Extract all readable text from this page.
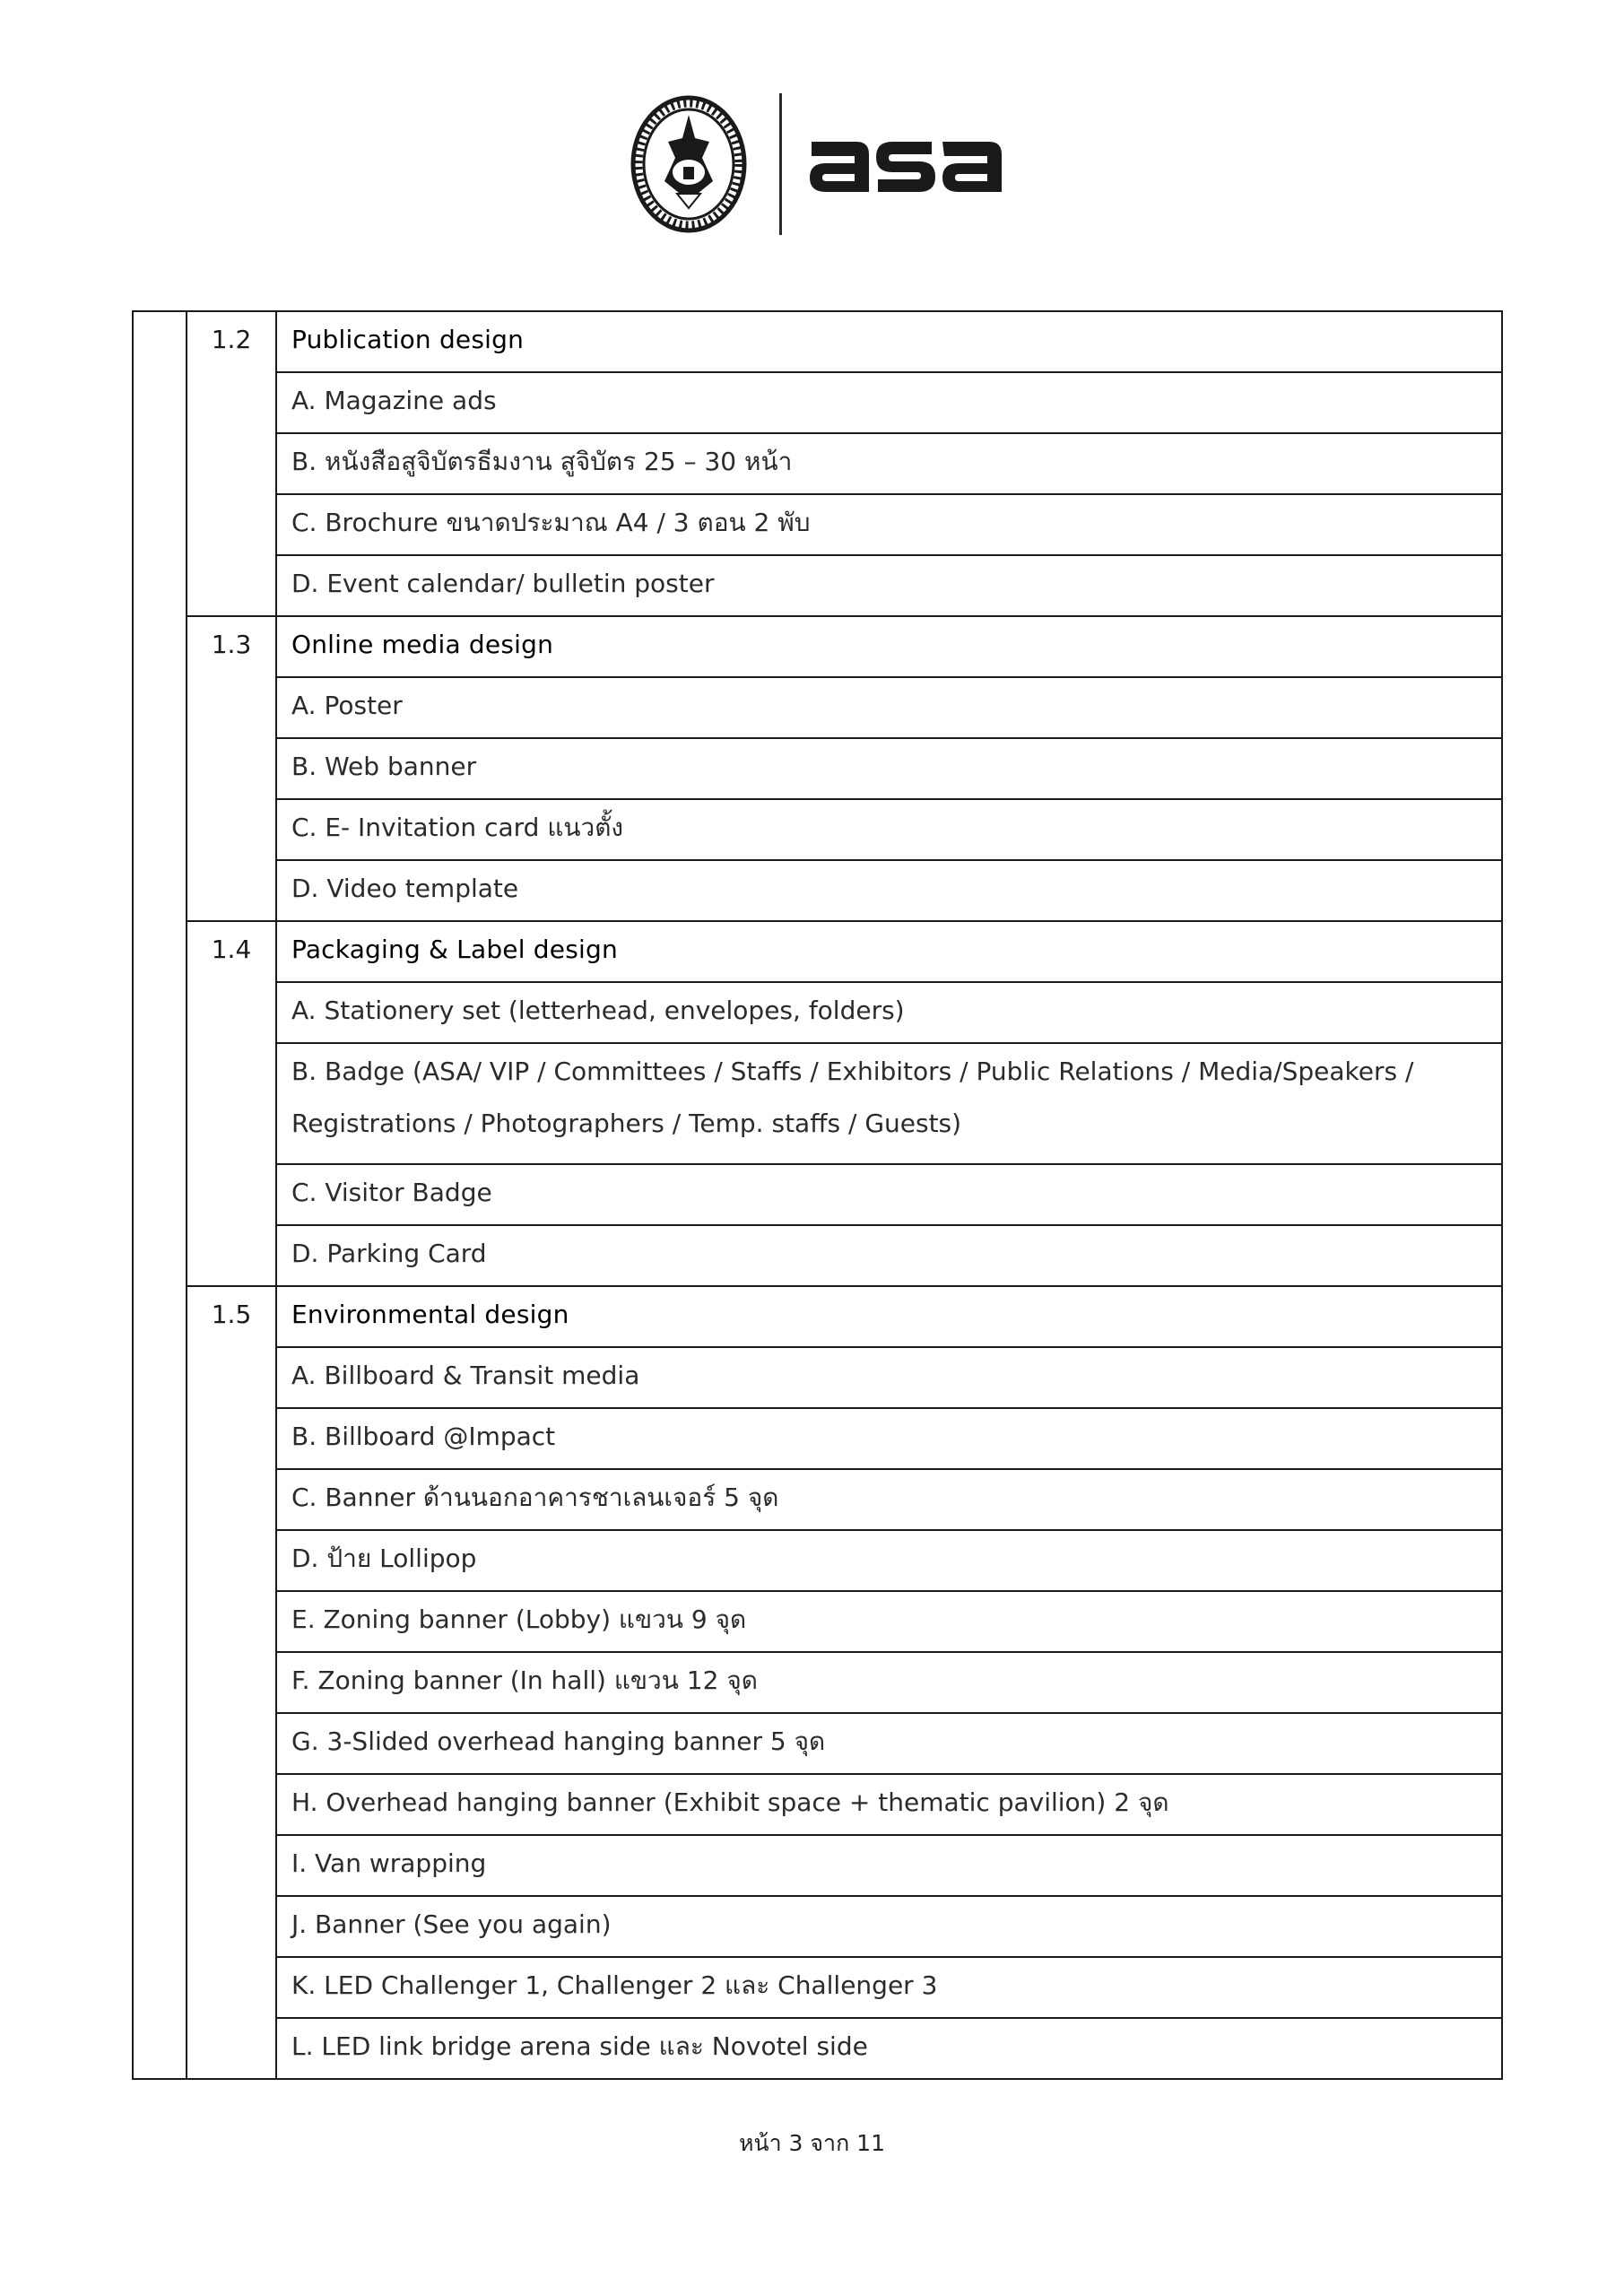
	1.2	Publication design
		A. Magazine ads
		B. หนังสือสูจิบัตรธีมงาน สูจิบัตร 25 – 30 หน้า
		C. Brochure ขนาดประมาณ A4 / 3 ตอน 2 พับ
		D. Event calendar/ bulletin poster
	1.3	Online media design
		A. Poster
		B. Web banner
		C. E- Invitation card แนวตั้ง
		D. Video template
	1.4	Packaging & Label design
		A. Stationery set (letterhead, envelopes, folders)
		B. Badge (ASA/ VIP / Committees / Staffs / Exhibitors / Public Relations / Media/Speakers / Registrations / Photographers / Temp. staffs / Guests)
		C. Visitor Badge
		D. Parking Card
	1.5	Environmental design
		A. Billboard & Transit media
		B. Billboard @Impact
		C. Banner ด้านนอกอาคารชาเลนเจอร์ 5 จุด
		D. ป้าย Lollipop
		E. Zoning banner (Lobby) แขวน 9 จุด
		F. Zoning banner (In hall) แขวน 12 จุด
		G. 3-Slided overhead hanging banner 5 จุด
		H. Overhead hanging banner (Exhibit space + thematic pavilion) 2 จุด
		I. Van wrapping
		J. Banner (See you again)
		K. LED Challenger 1, Challenger 2 และ Challenger 3
		L. LED link bridge arena side และ Novotel side
หน้า 3 จาก 11
